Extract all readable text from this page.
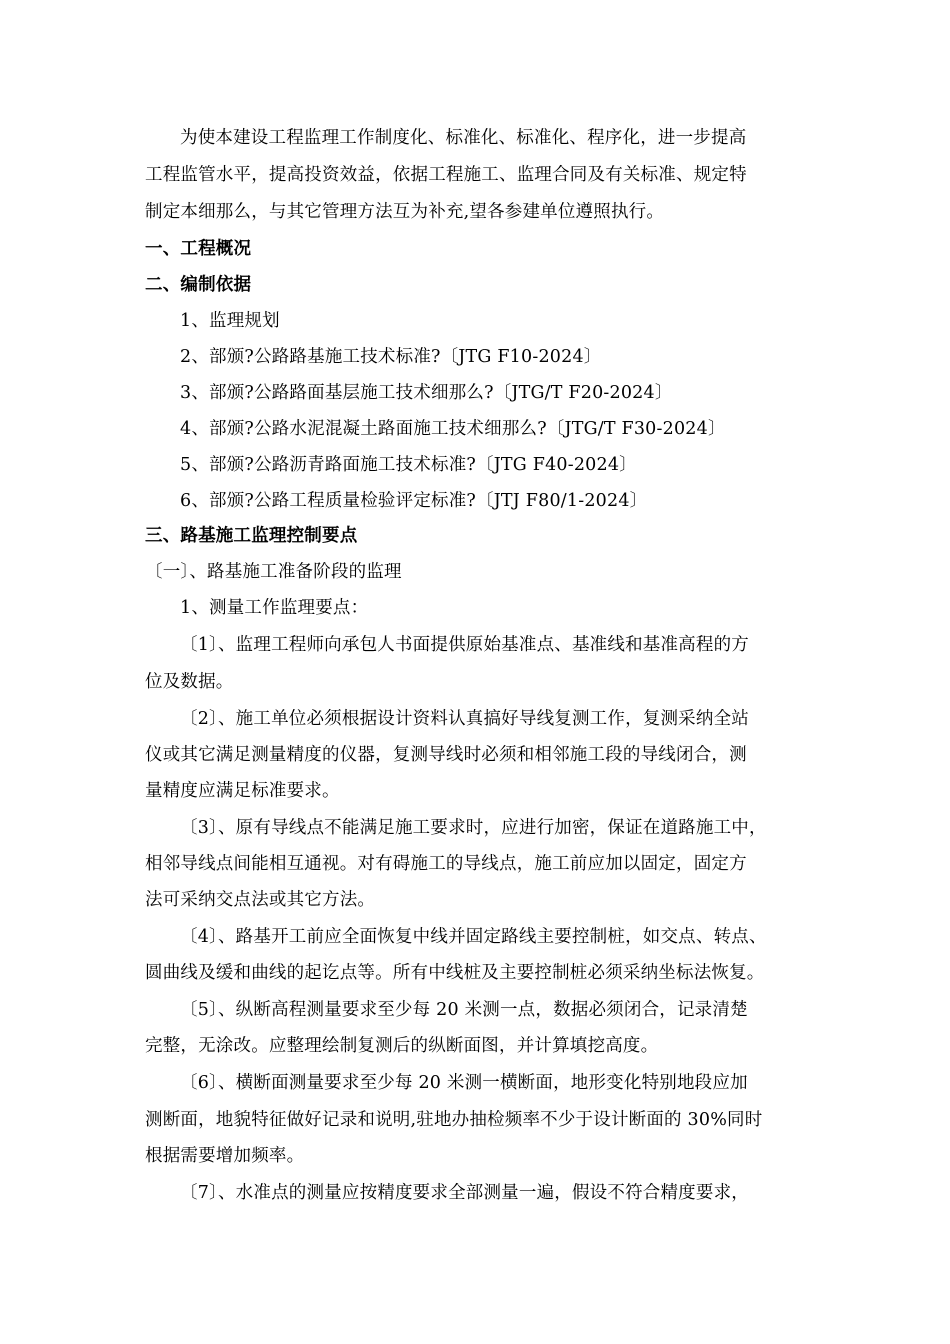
为使本建设工程监理工作制度化、标准化、标准化、程序化，进一步提高
工程监管水平，提高投资效益，依据工程施工、监理合同及有关标准、规定特
制定本细那么，与其它管理方法互为补充,望各参建单位遵照执行。
一、工程概况
二、编制依据
1、监理规划
2、部颁?公路路基施工技术标准?〔JTG F10-2024〕
3、部颁?公路路面基层施工技术细那么?〔JTG/T F20-2024〕
4、部颁?公路水泥混凝土路面施工技术细那么?〔JTG/T F30-2024〕
5、部颁?公路沥青路面施工技术标准?〔JTG F40-2024〕
6、部颁?公路工程质量检验评定标准?〔JTJ F80/1-2024〕
三、路基施工监理控制要点
〔一〕、路基施工准备阶段的监理
1、测量工作监理要点：
〔1〕、监理工程师向承包人书面提供原始基准点、基准线和基准高程的方
位及数据。
〔2〕、施工单位必须根据设计资料认真搞好导线复测工作，复测采纳全站
仪或其它满足测量精度的仪器，复测导线时必须和相邻施工段的导线闭合，测
量精度应满足标准要求。
〔3〕、原有导线点不能满足施工要求时，应进行加密，保证在道路施工中，
相邻导线点间能相互通视。对有碍施工的导线点，施工前应加以固定，固定方
法可采纳交点法或其它方法。
〔4〕、路基开工前应全面恢复中线并固定路线主要控制桩，如交点、转点、
圆曲线及缓和曲线的起讫点等。所有中线桩及主要控制桩必须采纳坐标法恢复。
〔5〕、纵断高程测量要求至少每 20 米测一点，数据必须闭合，记录清楚
完整，无涂改。应整理绘制复测后的纵断面图，并计算填挖高度。
〔6〕、横断面测量要求至少每 20 米测一横断面，地形变化特别地段应加
测断面，地貌特征做好记录和说明,驻地办抽检频率不少于设计断面的 30%同时
根据需要增加频率。
〔7〕、水准点的测量应按精度要求全部测量一遍，假设不符合精度要求，
